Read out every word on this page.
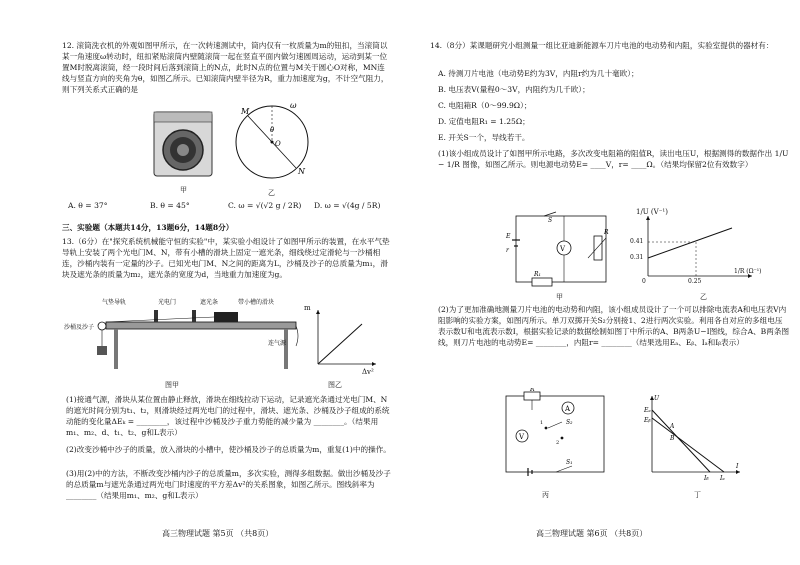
12. 滚筒洗衣机的外观如图甲所示，在一次转速测试中，筒内仅有一枚质量为m的钮扣，当滚筒以某一角速度ω转动时，纽扣紧贴滚筒内壁随滚筒一起在竖直平面内做匀速圆周运动，运动到某一位置M时脱离滚筒，经一段时间后落到滚筒上的N点，此时N点的位置与M关于圆心O对称，MN连线与竖直方向的夹角为θ，如图乙所示。已知滚筒内壁半径为R，重力加速度为g，不计空气阻力，则下列关系式正确的是

甲
M
N
O
θ
ω
乙
A. θ = 37°	B. θ = 45°	C. ω = √(√2 g / 2R) D. ω = √(4g / 5R)
三、实验题（本题共14分，13题6分，14题8分）

13.（6分）在"探究系统机械能守恒的实验"中，某实验小组设计了如图甲所示的装置，在水平气垫导轨上安装了两个光电门M、N，带有小槽的滑块上固定一遮光条，细线绕过定滑轮与一沙桶相连，沙桶内装有一定量的沙子。已知光电门M、N之间的距离为L，沙桶及沙子的总质量为m₁，滑块及遮光条的质量为m₂，遮光条的宽度为d，当地重力加速度为g。

气垫导轨	光电门	遮光条	带小槽的滑块
沙桶及沙子
连气源
图甲
m
Δv²
图乙

(1)接通气源，滑块从某位置由静止释放，滑块在细线拉动下运动，记录遮光条通过光电门M、N的遮光时间分别为t₁、t₂，则滑块经过两光电门的过程中，滑块、遮光条、沙桶及沙子组成的系统动能的变化量ΔEₖ = ________，该过程中沙桶及沙子重力势能的减少量为 ________。（结果用m₁、m₂、d、t₁、t₂、g和L表示）

(2)改变沙桶中沙子的质量，放入滑块的小槽中，使沙桶及沙子的总质量为m，重复(1)中的操作。

(3)用(2)中的方法，不断改变沙桶内沙子的总质量m，多次实验，测得多组数据。做出沙桶及沙子的总质量m与遮光条通过两光电门时速度的平方差Δv²的关系图象，如图乙所示。图线斜率为 ________（结果用m₁、m₂、g和L表示）

高三物理试题 第5页 （共8页）

14.（8分）某课题研究小组测量一组比亚迪新能源车刀片电池的电动势和内阻，实验室提供的器材有：

A. 待测刀片电池（电动势E约为3V，内阻r约为几十毫欧）；
B. 电压表V(量程0～3V，内阻约为几千欧）；
C. 电阻箱R（0～99.9Ω）；
D. 定值电阻R₁ = 1.25Ω；
E. 开关S一个，导线若干。

(1)该小组成员设计了如图甲所示电路，多次改变电阻箱的阻值R，读出电压U，根据测得的数据作出 1/U − 1/R 图像，如图乙所示。则电源电动势E= ____V，r= ____Ω。（结果均保留2位有效数字）

V
E
r
S
R
R₁
甲
1/U (V⁻¹)
1/R (Ω⁻¹)
0.41
0.31
0	0.25
乙

(2)为了更加准确地测量刀片电池的电动势和内阻，该小组成员设计了一个可以排除电流表A和电压表V内阻影响的实验方案，如图丙所示。单刀双掷开关S₂分别接1、2进行两次实验。利用各自对应的多组电压表示数U和电流表示数I，根据实验记录的数据绘制如图丁中所示的A、B两条U−I图线，综合A、B两条图线，则刀片电池的电动势E= ________，内阻r= ________（结果选用Eₐ、Eᵦ、Iₐ和Iᵦ表示）

A
V
R
S₂
1
2
S₁
丙
Eₐ
Eᵦ
A
B
Iᵦ Iₐ
U
I
丁
高三物理试题 第6页 （共8页）
